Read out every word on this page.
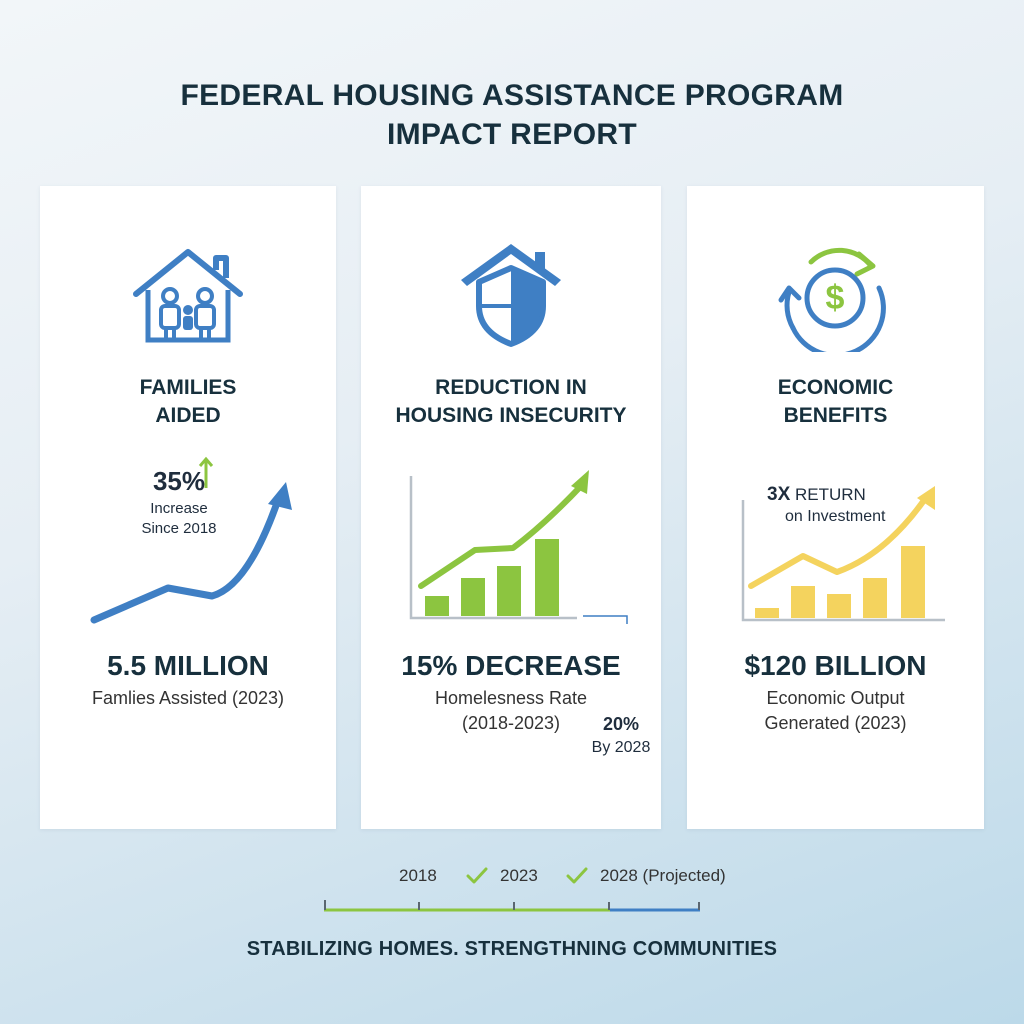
FEDERAL HOUSING ASSISTANCE PROGRAM
IMPACT REPORT
FAMILIES
AIDED
35%
Increase
Since 2018
5.5 MILLION
Famlies Assisted (2023)
REDUCTION IN
HOUSING INSECURITY
15% DECREASE
Homelesness Rate
(2018-2023)	20%
By 2028
$
ECONOMIC
BENEFITS
3X RETURN
on Investment
$120 BILLION
Economic Output
Generated (2023)
2018	2023	2028 (Projected)
STABILIZING HOMES. STRENGTHNING COMMUNITIES
